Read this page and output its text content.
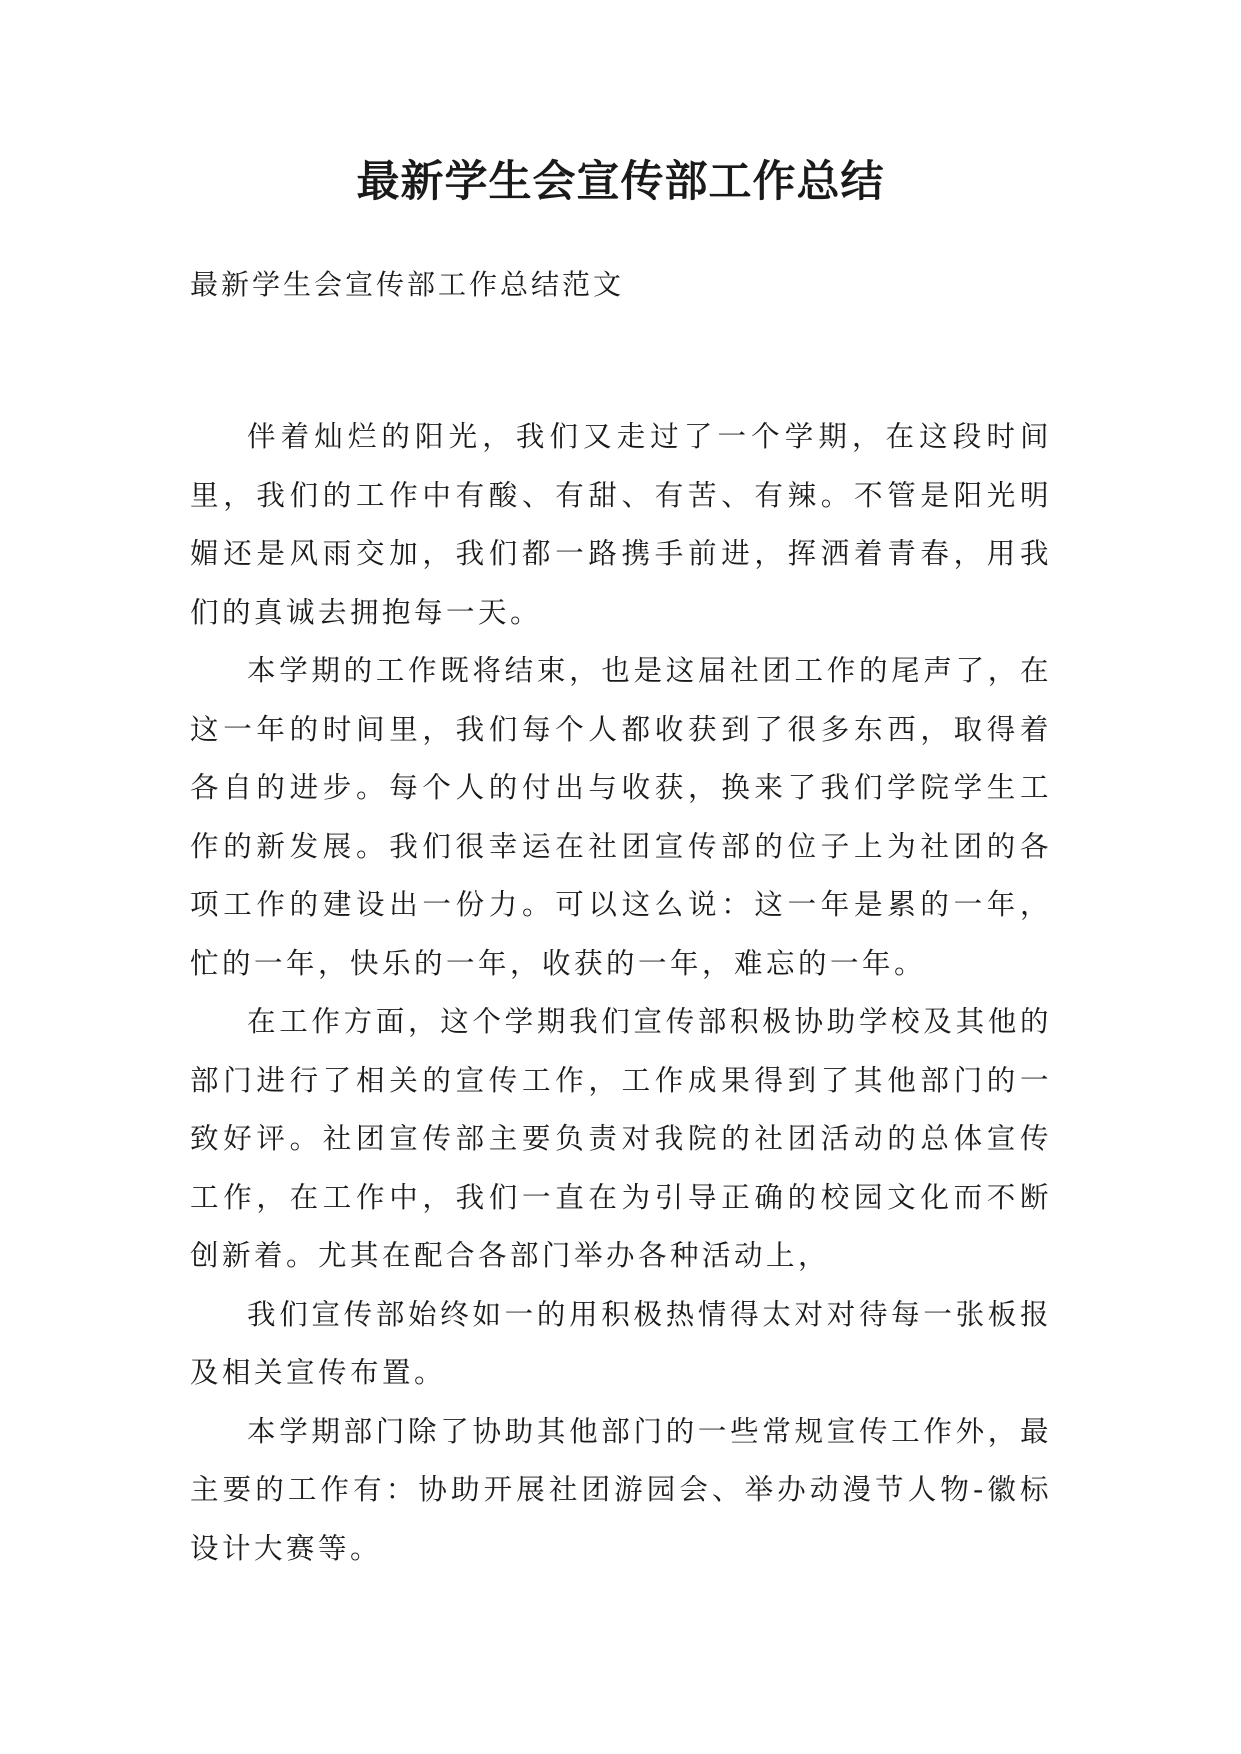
最新学生会宣传部工作总结
最新学生会宣传部工作总结范文

伴着灿烂的阳光，我们又走过了一个学期，在这段时间里，我们的工作中有酸、有甜、有苦、有辣。不管是阳光明媚还是风雨交加，我们都一路携手前进，挥洒着青春，用我们的真诚去拥抱每一天。

本学期的工作既将结束，也是这届社团工作的尾声了，在这一年的时间里，我们每个人都收获到了很多东西，取得着各自的进步。每个人的付出与收获，换来了我们学院学生工作的新发展。我们很幸运在社团宣传部的位子上为社团的各项工作的建设出一份力。可以这么说：这一年是累的一年，忙的一年，快乐的一年，收获的一年，难忘的一年。

在工作方面，这个学期我们宣传部积极协助学校及其他的部门进行了相关的宣传工作，工作成果得到了其他部门的一致好评。社团宣传部主要负责对我院的社团活动的总体宣传工作，在工作中，我们一直在为引导正确的校园文化而不断创新着。尤其在配合各部门举办各种活动上，

我们宣传部始终如一的用积极热情得太对对待每一张板报及相关宣传布置。

本学期部门除了协助其他部门的一些常规宣传工作外，最主要的工作有：协助开展社团游园会、举办动漫节人物-徽标设计大赛等。
